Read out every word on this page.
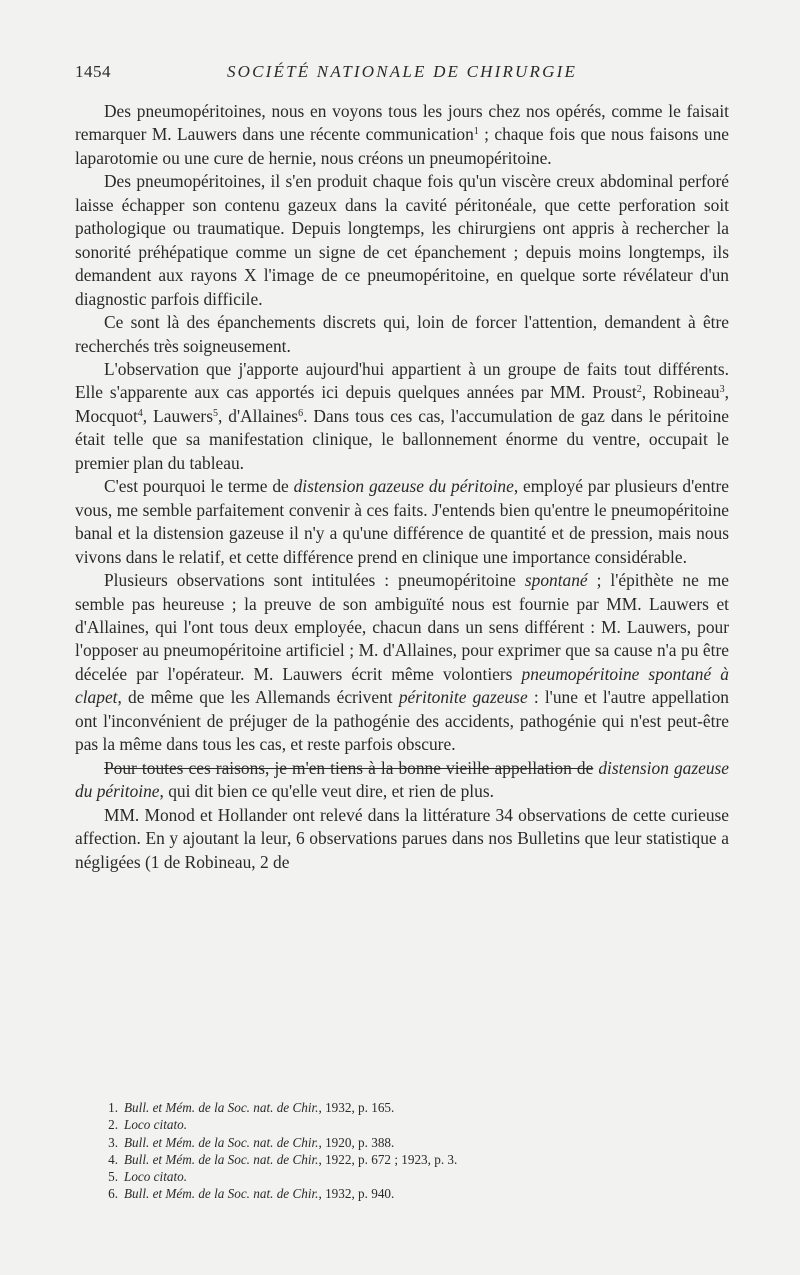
1454	SOCIÉTÉ NATIONALE DE CHIRURGIE

Des pneumopéritoines, nous en voyons tous les jours chez nos opérés, comme le faisait remarquer M. Lauwers dans une récente communication$^1$ ; chaque fois que nous faisons une laparotomie ou une cure de hernie, nous créons un pneumopéritoine.

Des pneumopéritoines, il s'en produit chaque fois qu'un viscère creux abdominal perforé laisse échapper son contenu gazeux dans la cavité péritonéale, que cette perforation soit pathologique ou traumatique. Depuis longtemps, les chirurgiens ont appris à rechercher la sonorité préhépatique comme un signe de cet épanchement ; depuis moins longtemps, ils demandent aux rayons X l'image de ce pneumopéritoine, en quelque sorte révélateur d'un diagnostic parfois difficile.

Ce sont là des épanchements discrets qui, loin de forcer l'attention, demandent à être recherchés très soigneusement.

L'observation que j'apporte aujourd'hui appartient à un groupe de faits tout différents. Elle s'apparente aux cas apportés ici depuis quelques années par MM. Proust$^2$, Robineau$^3$, Mocquot$^4$, Lauwers$^5$, d'Allaines$^6$. Dans tous ces cas, l'accumulation de gaz dans le péritoine était telle que sa manifestation clinique, le ballonnement énorme du ventre, occupait le premier plan du tableau.

C'est pourquoi le terme de distension gazeuse du péritoine, employé par plusieurs d'entre vous, me semble parfaitement convenir à ces faits. J'entends bien qu'entre le pneumopéritoine banal et la distension gazeuse il n'y a qu'une différence de quantité et de pression, mais nous vivons dans le relatif, et cette différence prend en clinique une importance considérable.

Plusieurs observations sont intitulées : pneumopéritoine spontané ; l'épithète ne me semble pas heureuse ; la preuve de son ambiguïté nous est fournie par MM. Lauwers et d'Allaines, qui l'ont tous deux employée, chacun dans un sens différent : M. Lauwers, pour l'opposer au pneumopéritoine artificiel ; M. d'Allaines, pour exprimer que sa cause n'a pu être décelée par l'opérateur. M. Lauwers écrit même volontiers pneumopéritoine spontané à clapet, de même que les Allemands écrivent péritonite gazeuse : l'une et l'autre appellation ont l'inconvénient de préjuger de la pathogénie des accidents, pathogénie qui n'est peut-être pas la même dans tous les cas, et reste parfois obscure.

Pour toutes ces raisons, je m'en tiens à la bonne vieille appellation de distension gazeuse du péritoine, qui dit bien ce qu'elle veut dire, et rien de plus.

MM. Monod et Hollander ont relevé dans la littérature 34 observations de cette curieuse affection. En y ajoutant la leur, 6 observations parues dans nos Bulletins que leur statistique a négligées (1 de Robineau, 2 de

1. Bull. et Mém. de la Soc. nat. de Chir., 1932, p. 165.
2. Loco citato.
3. Bull. et Mém. de la Soc. nat. de Chir., 1920, p. 388.
4. Bull. et Mém. de la Soc. nat. de Chir., 1922, p. 672 ; 1923, p. 3.
5. Loco citato.
6. Bull. et Mém. de la Soc. nat. de Chir., 1932, p. 940.
